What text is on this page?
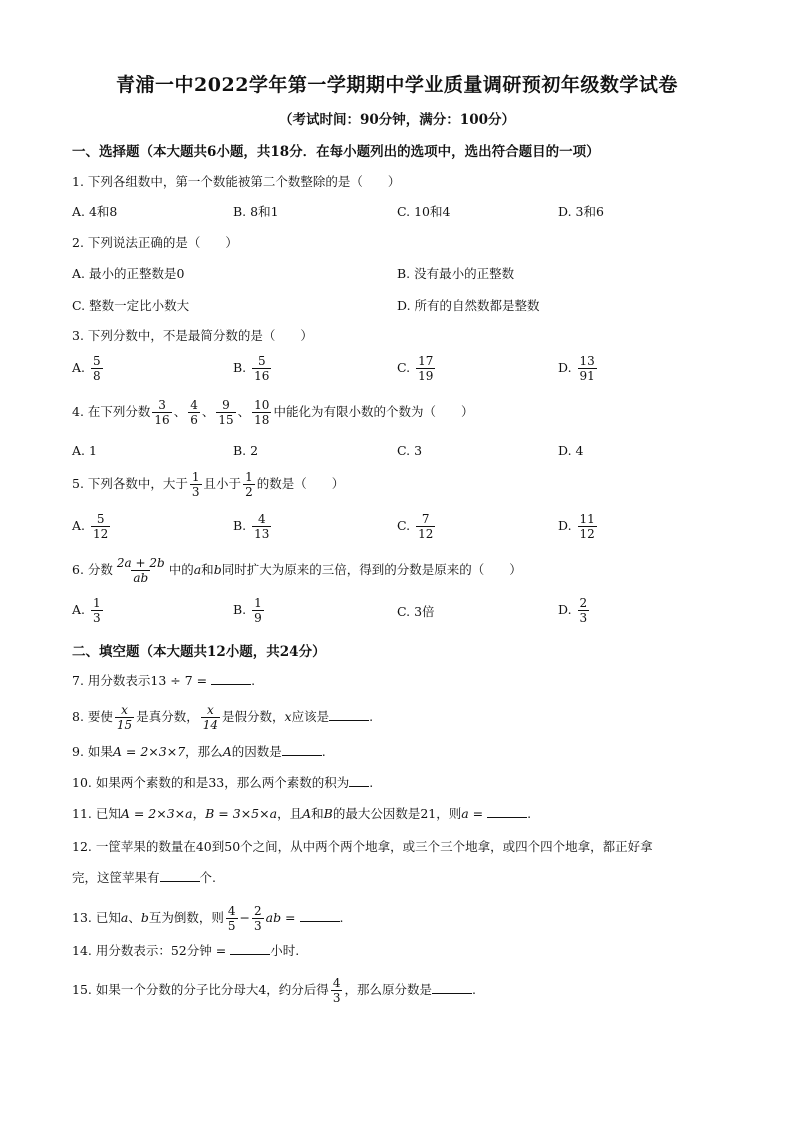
青浦一中2022学年第一学期期中学业质量调研预初年级数学试卷
（考试时间：90分钟，满分：100分）
一、选择题（本大题共6小题，共18分．在每小题列出的选项中，选出符合题目的一项）
1. 下列各组数中，第一个数能被第二个数整除的是（　　）
A. 4和8	B. 8和1	C. 10和4	D. 3和6
2. 下列说法正确的是（　　）
A. 最小的正整数是0	B. 没有最小的正整数
C. 整数一定比小数大	D. 所有的自然数都是整数
3. 下列分数中，不是最简分数的是（　　）
A. $\frac{5}{8}$	B. $\frac{5}{16}$	C. $\frac{17}{19}$	D. $\frac{13}{91}$
4. 在下列分数 $\frac{3}{16}$ 、 $\frac{4}{6}$ 、 $\frac{9}{15}$ 、 $\frac{10}{18}$ 中能化为有限小数的个数为（　　）
A. 1	B. 2	C. 3	D. 4
5. 下列各数中，大于 $\frac{1}{3}$ 且小于 $\frac{1}{2}$ 的数是（　　）
A. $\frac{5}{12}$	B. $\frac{4}{13}$	C. $\frac{7}{12}$	D. $\frac{11}{12}$
6. 分数 $\frac{2a + 2b}{ab}$ 中的a和b同时扩大为原来的三倍，得到的分数是原来的（　　）
A. $\frac{1}{3}$	B. $\frac{1}{9}$	C. 3倍	D. $\frac{2}{3}$
二、填空题（本大题共12小题，共24分）
7. 用分数表示13 ÷ 7 =	.
8. 要使 $\frac{x}{15}$ 是真分数， $\frac{x}{14}$ 是假分数，x应该是	.
9. 如果A = 2×3×7，那么A的因数是	.
10. 如果两个素数的和是33，那么两个素数的积为 .
11. 已知A = 2×3×a，B = 3×5×a，且A和B的最大公因数是21，则a =	.
12. 一筐苹果的数量在40到50个之间，从中两个两个地拿，或三个三个地拿，或四个四个地拿，都正好拿
完，这筐苹果有	个.
13. 已知a、b互为倒数，则 $\frac{4}{5} - \frac{2}{3}$ ab =	.
14. 用分数表示：52分钟 =	小时.
15. 如果一个分数的分子比分母大4，约分后得 $\frac{4}{3}$ ，那么原分数是	.
